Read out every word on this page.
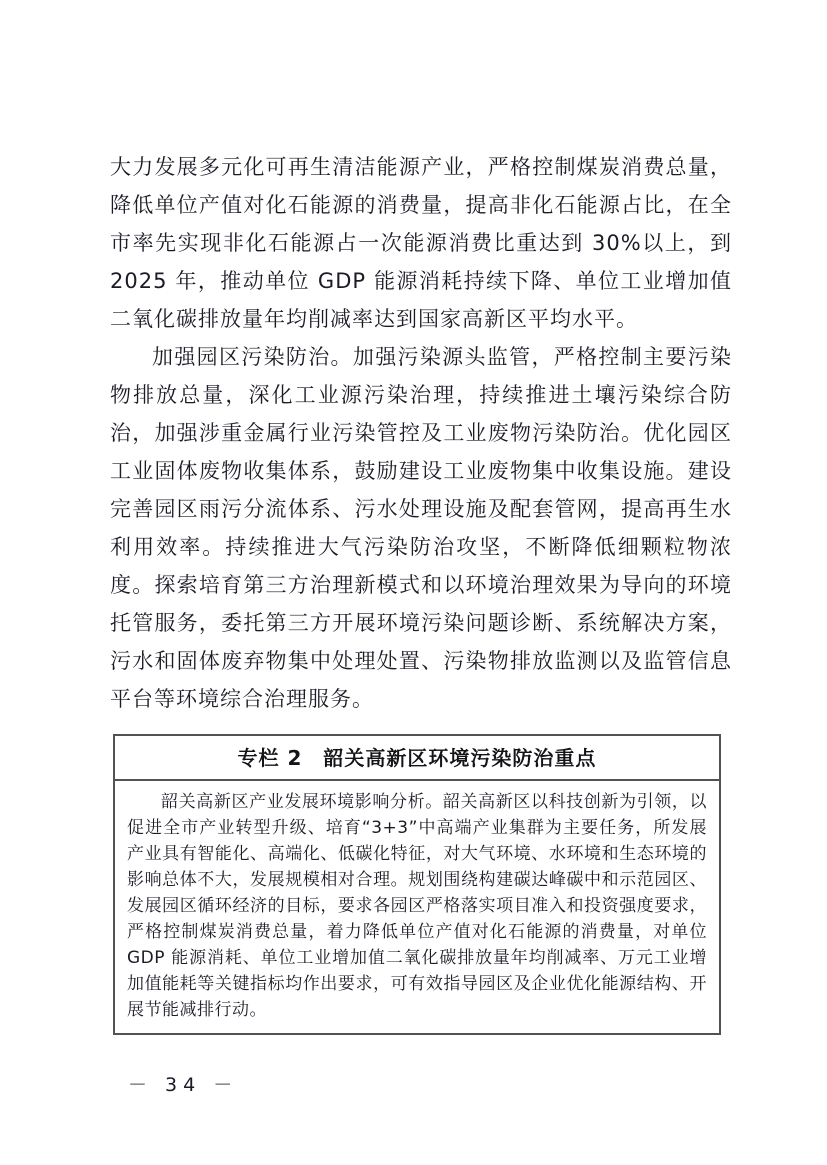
大力发展多元化可再生清洁能源产业，严格控制煤炭消费总量，降低单位产值对化石能源的消费量，提高非化石能源占比，在全市率先实现非化石能源占一次能源消费比重达到 30%以上，到 2025 年，推动单位 GDP 能源消耗持续下降、单位工业增加值二氧化碳排放量年均削减率达到国家高新区平均水平。

加强园区污染防治。加强污染源头监管，严格控制主要污染物排放总量，深化工业源污染治理，持续推进土壤污染综合防治，加强涉重金属行业污染管控及工业废物污染防治。优化园区工业固体废物收集体系，鼓励建设工业废物集中收集设施。建设完善园区雨污分流体系、污水处理设施及配套管网，提高再生水利用效率。持续推进大气污染防治攻坚，不断降低细颗粒物浓度。探索培育第三方治理新模式和以环境治理效果为导向的环境托管服务，委托第三方开展环境污染问题诊断、系统解决方案，污水和固体废弃物集中处理处置、污染物排放监测以及监管信息平台等环境综合治理服务。

专栏 2　韶关高新区环境污染防治重点

韶关高新区产业发展环境影响分析。韶关高新区以科技创新为引领，以促进全市产业转型升级、培育“3+3”中高端产业集群为主要任务，所发展产业具有智能化、高端化、低碳化特征，对大气环境、水环境和生态环境的影响总体不大，发展规模相对合理。规划围绕构建碳达峰碳中和示范园区、发展园区循环经济的目标，要求各园区严格落实项目准入和投资强度要求，严格控制煤炭消费总量，着力降低单位产值对化石能源的消费量，对单位 GDP 能源消耗、单位工业增加值二氧化碳排放量年均削减率、万元工业增加值能耗等关键指标均作出要求，可有效指导园区及企业优化能源结构、开展节能减排行动。

－ 34 －
